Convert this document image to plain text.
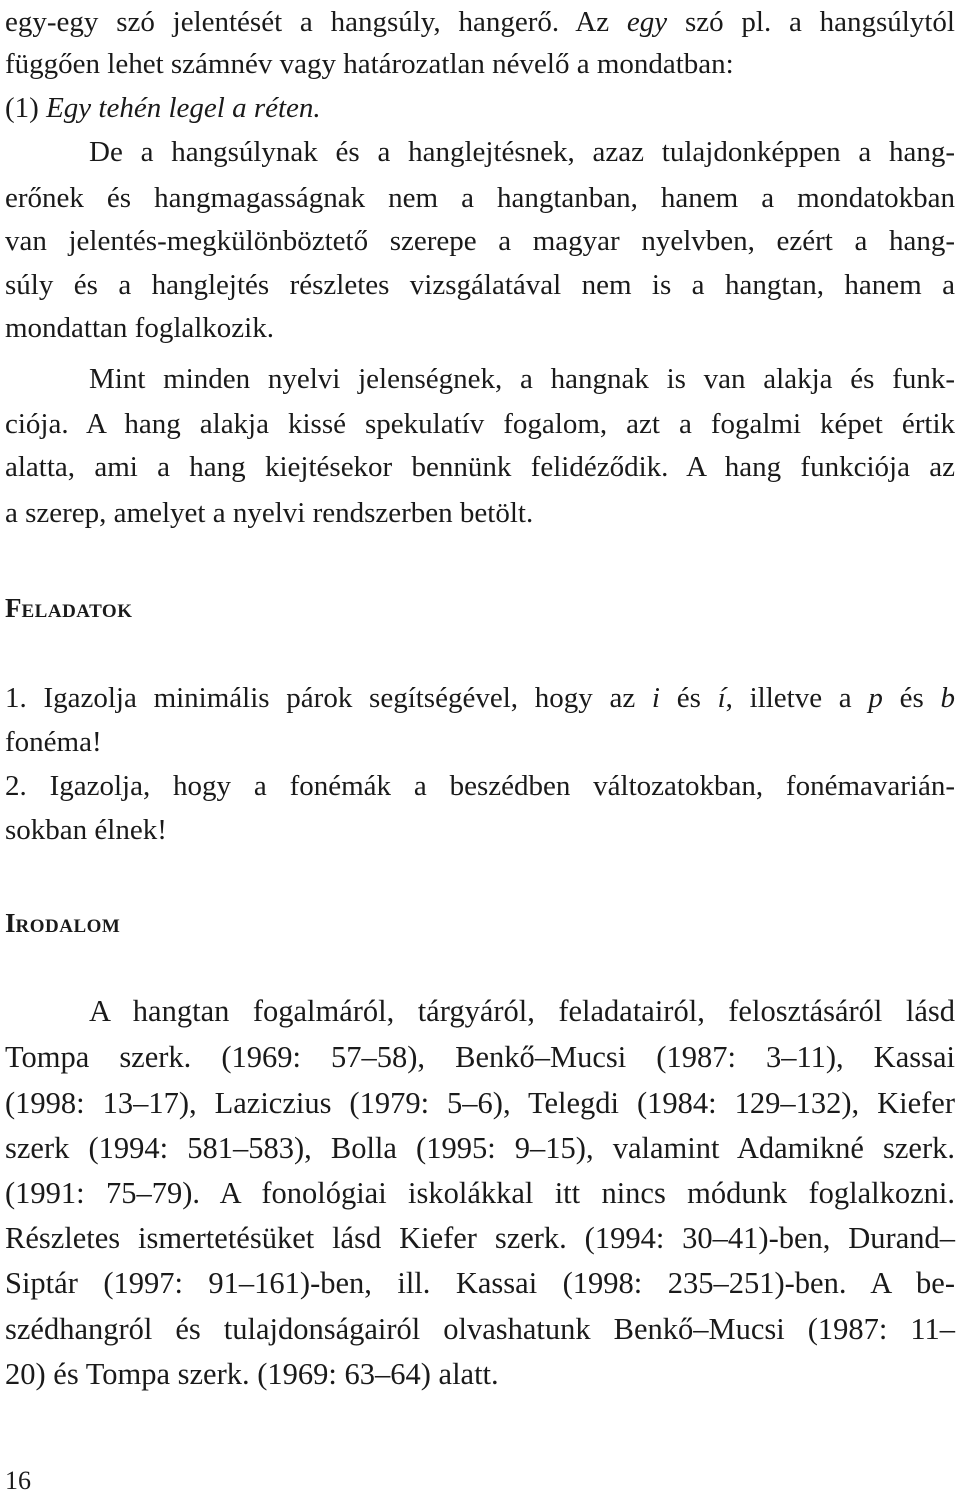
egy-egy szó jelentését a hangsúly, hangerő. Az egy szó pl. a hangsúlytól
függően lehet számnév vagy határozatlan névelő a mondatban:
(1) Egy tehén legel a réten.
De a hangsúlynak és a hanglejtésnek, azaz tulajdonképpen a hang-
erőnek és hangmagasságnak nem a hangtanban, hanem a mondatokban
van jelentés-megkülönböztető szerepe a magyar nyelvben, ezért a hang-
súly és a hanglejtés részletes vizsgálatával nem is a hangtan, hanem a
mondattan foglalkozik.
Mint minden nyelvi jelenségnek, a hangnak is van alakja és funk-
ciója. A hang alakja kissé spekulatív fogalom, azt a fogalmi képet értik
alatta, ami a hang kiejtésekor bennünk felidéződik. A hang funkciója az
a szerep, amelyet a nyelvi rendszerben betölt.
FELADATOK
1. Igazolja minimális párok segítségével, hogy az i és í, illetve a p és b
fonéma!
2. Igazolja, hogy a fonémák a beszédben változatokban, fonémavarián-
sokban élnek!
IRODALOM
A hangtan fogalmáról, tárgyáról, feladatairól, felosztásáról lásd
Tompa szerk. (1969: 57–58), Benkő–Mucsi (1987: 3–11), Kassai
(1998: 13–17), Laziczius (1979: 5–6), Telegdi (1984: 129–132), Kiefer
szerk (1994: 581–583), Bolla (1995: 9–15), valamint Adamikné szerk.
(1991: 75–79). A fonológiai iskolákkal itt nincs módunk foglalkozni.
Részletes ismertetésüket lásd Kiefer szerk. (1994: 30–41)-ben, Durand–
Siptár (1997: 91–161)-ben, ill. Kassai (1998: 235–251)-ben. A be-
szédhangról és tulajdonságairól olvashatunk Benkő–Mucsi (1987: 11–
20) és Tompa szerk. (1969: 63–64) alatt.
16
